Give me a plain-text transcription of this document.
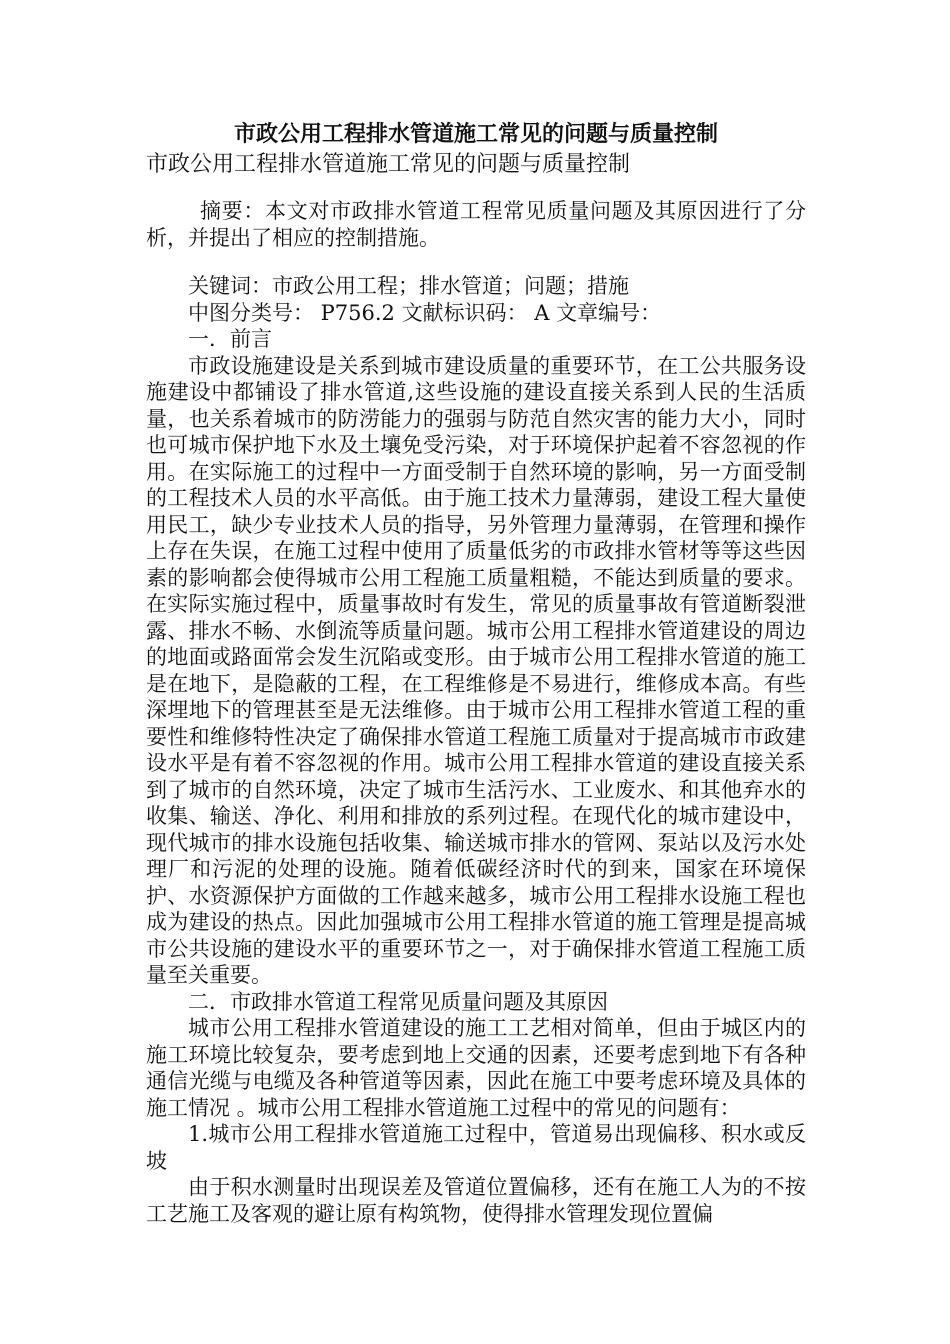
市政公用工程排水管道施工常见的问题与质量控制

市政公用工程排水管道施工常见的问题与质量控制

摘要：本文对市政排水管道工程常见质量问题及其原因进行了分析，并提出了相应的控制措施。

关键词：市政公用工程；排水管道；问题；措施

中图分类号： P756.2 文献标识码： A 文章编号：

一．前言

市政设施建设是关系到城市建设质量的重要环节，在工公共服务设施建设中都铺设了排水管道,这些设施的建设直接关系到人民的生活质量，也关系着城市的防涝能力的强弱与防范自然灾害的能力大小，同时也可城市保护地下水及土壤免受污染，对于环境保护起着不容忽视的作用。在实际施工的过程中一方面受制于自然环境的影响，另一方面受制的工程技术人员的水平高低。由于施工技术力量薄弱，建设工程大量使用民工，缺少专业技术人员的指导，另外管理力量薄弱，在管理和操作上存在失误，在施工过程中使用了质量低劣的市政排水管材等等这些因素的影响都会使得城市公用工程施工质量粗糙，不能达到质量的要求。在实际实施过程中，质量事故时有发生，常见的质量事故有管道断裂泄露、排水不畅、水倒流等质量问题。城市公用工程排水管道建设的周边的地面或路面常会发生沉陷或变形。由于城市公用工程排水管道的施工是在地下，是隐蔽的工程，在工程维修是不易进行，维修成本高。有些深埋地下的管理甚至是无法维修。由于城市公用工程排水管道工程的重要性和维修特性决定了确保排水管道工程施工质量对于提高城市市政建设水平是有着不容忽视的作用。城市公用工程排水管道的建设直接关系到了城市的自然环境，决定了城市生活污水、工业废水、和其他弃水的收集、输送、净化、利用和排放的系列过程。在现代化的城市建设中，现代城市的排水设施包括收集、输送城市排水的管网、泵站以及污水处理厂和污泥的处理的设施。随着低碳经济时代的到来，国家在环境保护、水资源保护方面做的工作越来越多，城市公用工程排水设施工程也成为建设的热点。因此加强城市公用工程排水管道的施工管理是提高城市公共设施的建设水平的重要环节之一，对于确保排水管道工程施工质量至关重要。

二．市政排水管道工程常见质量问题及其原因

城市公用工程排水管道建设的施工工艺相对简单，但由于城区内的施工环境比较复杂，要考虑到地上交通的因素，还要考虑到地下有各种通信光缆与电缆及各种管道等因素，因此在施工中要考虑环境及具体的施工情况 。城市公用工程排水管道施工过程中的常见的问题有：

1.城市公用工程排水管道施工过程中，管道易出现偏移、积水或反坡

由于积水测量时出现误差及管道位置偏移，还有在施工人为的不按工艺施工及客观的避让原有构筑物，使得排水管理发现位置偏
